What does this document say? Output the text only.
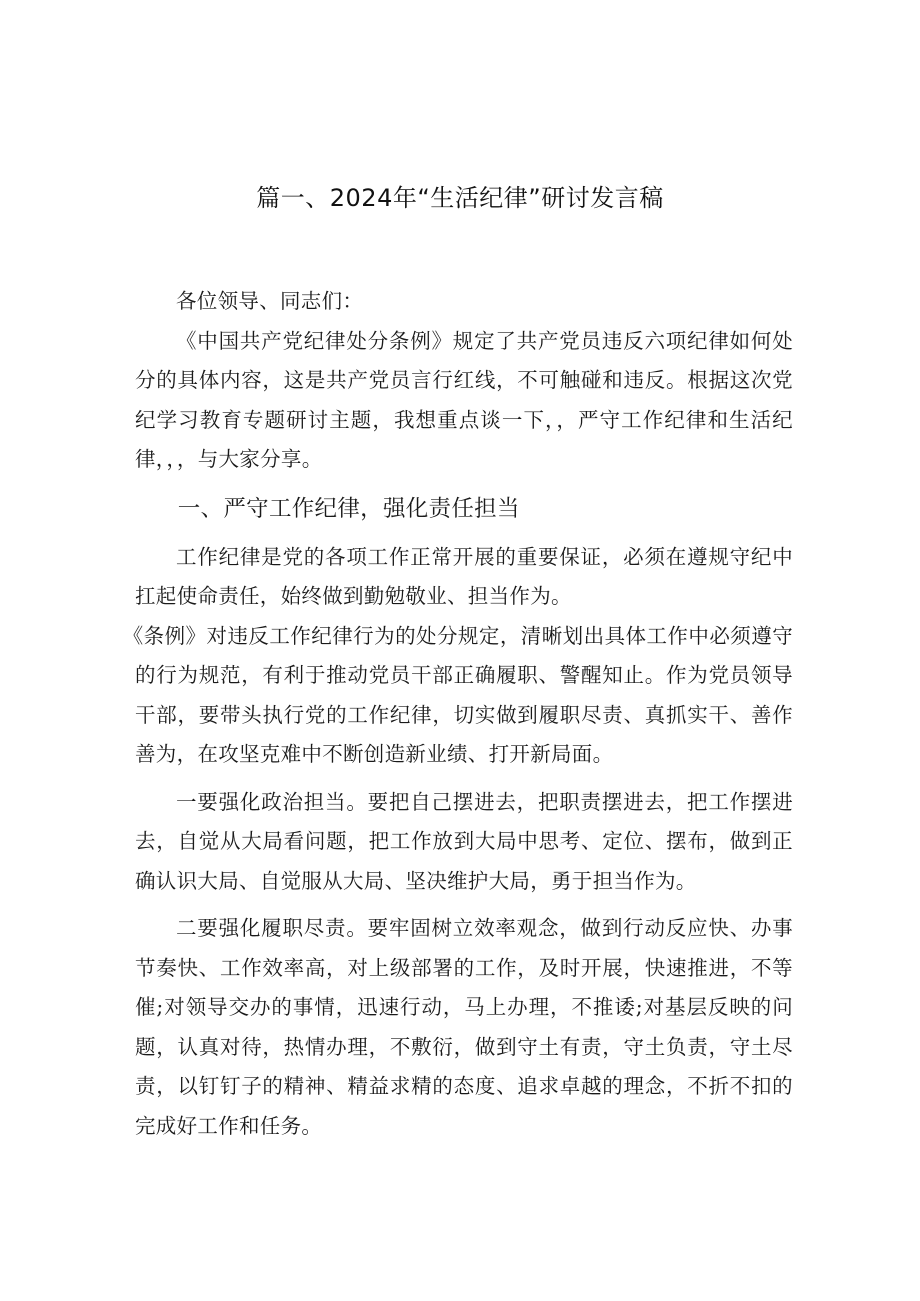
篇一、2024年“生活纪律”研讨发言稿

各位领导、同志们：

《中国共产党纪律处分条例》规定了共产党员违反六项纪律如何处分的具体内容，这是共产党员言行红线，不可触碰和违反。根据这次党纪学习教育专题研讨主题，我想重点谈一下，，严守工作纪律和生活纪律，，，与大家分享。

一、严守工作纪律，强化责任担当

工作纪律是党的各项工作正常开展的重要保证，必须在遵规守纪中扛起使命责任，始终做到勤勉敬业、担当作为。

《条例》对违反工作纪律行为的处分规定，清晰划出具体工作中必须遵守的行为规范，有利于推动党员干部正确履职、警醒知止。作为党员领导干部，要带头执行党的工作纪律，切实做到履职尽责、真抓实干、善作善为，在攻坚克难中不断创造新业绩、打开新局面。

一要强化政治担当。要把自己摆进去，把职责摆进去，把工作摆进去，自觉从大局看问题，把工作放到大局中思考、定位、摆布，做到正确认识大局、自觉服从大局、坚决维护大局，勇于担当作为。

二要强化履职尽责。要牢固树立效率观念，做到行动反应快、办事节奏快、工作效率高，对上级部署的工作，及时开展，快速推进，不等催;对领导交办的事情，迅速行动，马上办理，不推诿;对基层反映的问题，认真对待，热情办理，不敷衍，做到守土有责，守土负责，守土尽责，以钉钉子的精神、精益求精的态度、追求卓越的理念，不折不扣的完成好工作和任务。
